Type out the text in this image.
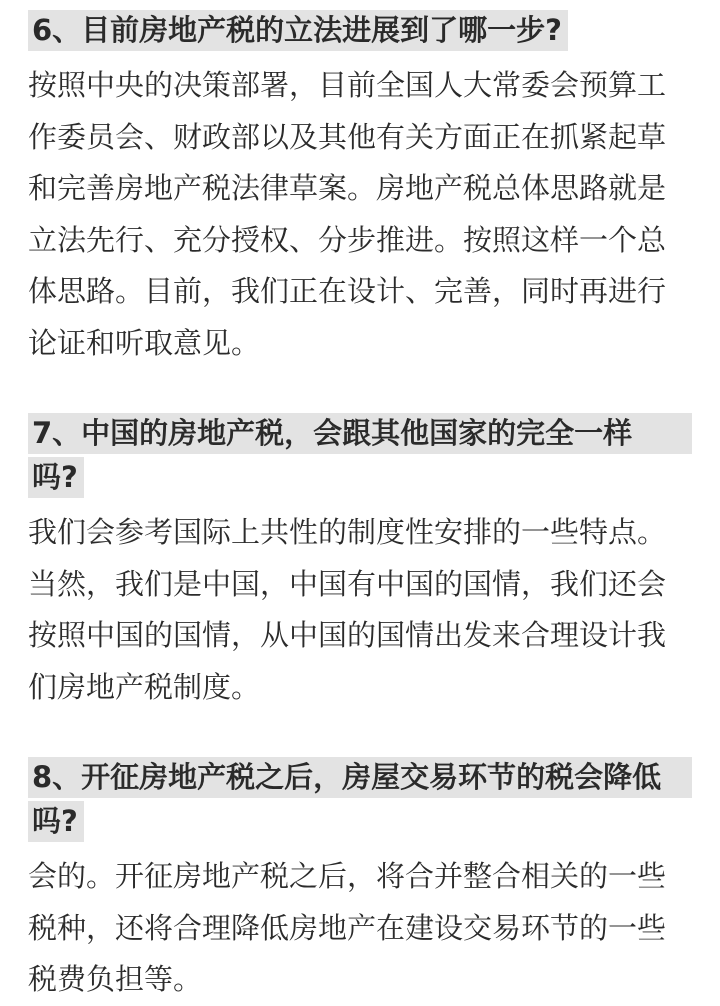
6、目前房地产税的立法进展到了哪一步?

按照中央的决策部署，目前全国人大常委会预算工
作委员会、财政部以及其他有关方面正在抓紧起草
和完善房地产税法律草案。房地产税总体思路就是
立法先行、充分授权、分步推进。按照这样一个总
体思路。目前，我们正在设计、完善，同时再进行
论证和听取意见。

7、中国的房地产税，会跟其他国家的完全一样
吗?

我们会参考国际上共性的制度性安排的一些特点。
当然，我们是中国，中国有中国的国情，我们还会
按照中国的国情，从中国的国情出发来合理设计我
们房地产税制度。

8、开征房地产税之后，房屋交易环节的税会降低
吗?

会的。开征房地产税之后，将合并整合相关的一些
税种，还将合理降低房地产在建设交易环节的一些
税费负担等。
